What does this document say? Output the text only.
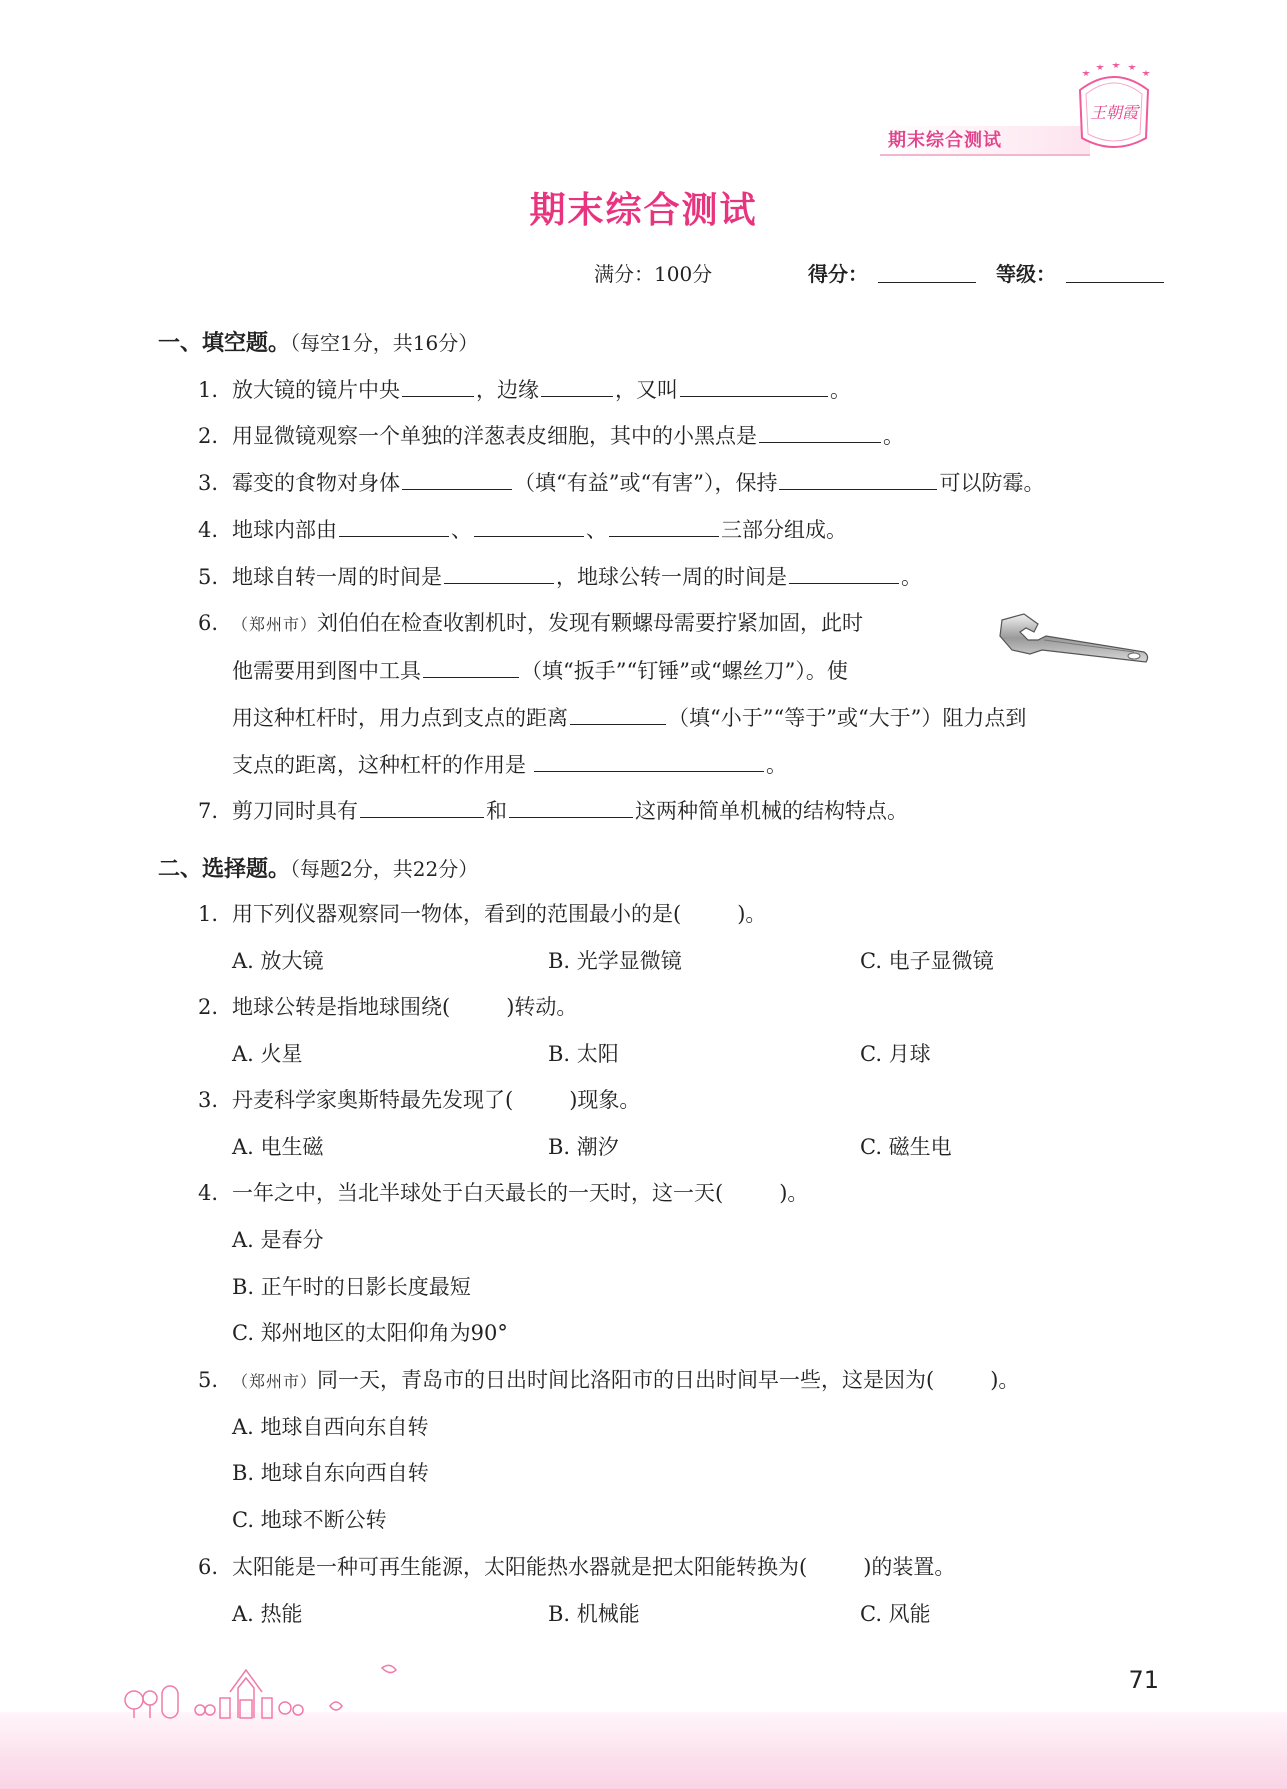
期末综合测试
王朝霞
期末综合测试
满分：100分	得分：	等级：
一、填空题。（每空1分，共16分）
1. 放大镜的镜片中央	，边缘	，又叫	。
2. 用显微镜观察一个单独的洋葱表皮细胞，其中的小黑点是	。
3. 霉变的食物对身体	（填“有益”或“有害”），保持	可以防霉。
4. 地球内部由	、	、	三部分组成。
5. 地球自转一周的时间是	，地球公转一周的时间是	。
6. （郑州市）刘伯伯在检查收割机时，发现有颗螺母需要拧紧加固，此时
他需要用到图中工具	（填“扳手”“钉锤”或“螺丝刀”）。使
用这种杠杆时，用力点到支点的距离	（填“小于”“等于”或“大于”）阻力点到
支点的距离，这种杠杆的作用是	。
7. 剪刀同时具有	和	这两种简单机械的结构特点。
二、选择题。（每题2分，共22分）
1. 用下列仪器观察同一物体，看到的范围最小的是(	)。
A. 放大镜	B. 光学显微镜	C. 电子显微镜
2. 地球公转是指地球围绕(	)转动。
A. 火星	B. 太阳	C. 月球
3. 丹麦科学家奥斯特最先发现了(	)现象。
A. 电生磁	B. 潮汐	C. 磁生电
4. 一年之中，当北半球处于白天最长的一天时，这一天(	)。
A. 是春分
B. 正午时的日影长度最短
C. 郑州地区的太阳仰角为90°
5. （郑州市）同一天，青岛市的日出时间比洛阳市的日出时间早一些，这是因为(	)。
A. 地球自西向东自转
B. 地球自东向西自转
C. 地球不断公转
6. 太阳能是一种可再生能源，太阳能热水器就是把太阳能转换为(	)的装置。
A. 热能	B. 机械能	C. 风能
71
